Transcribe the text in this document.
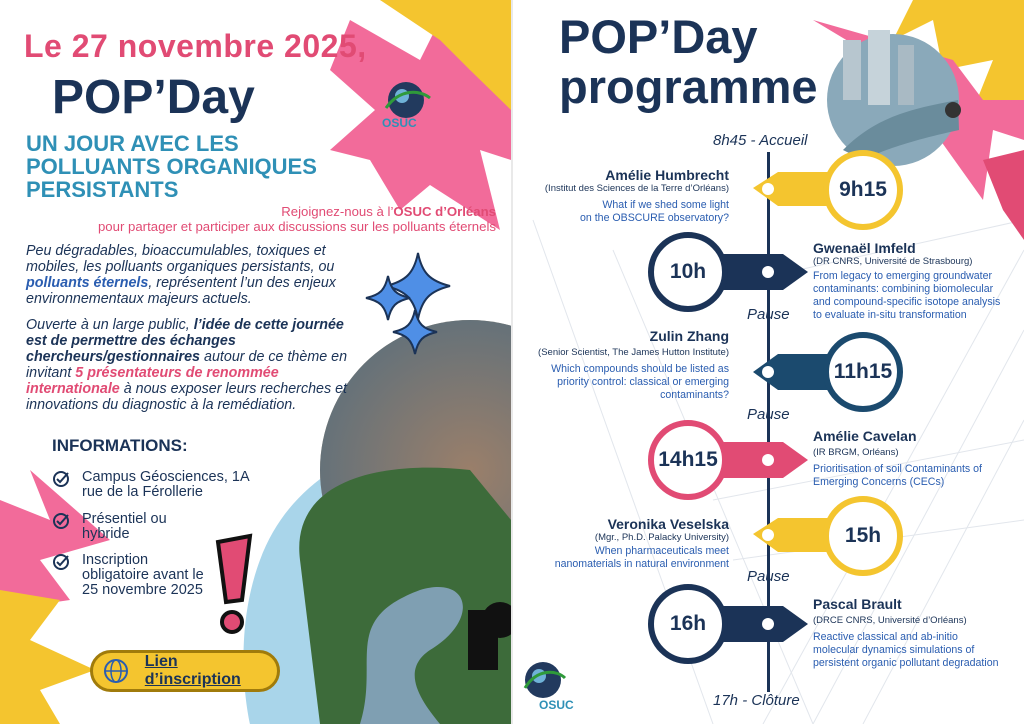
Le 27 novembre 2025,
POP’Day	OSUC
UN JOUR AVEC LES
POLLUANTS ORGANIQUES
PERSISTANTS
Rejoignez-nous à l’OSUC d’Orléans
pour partager et participer aux discussions sur les polluants éternels
Peu dégradables, bioaccumulables, toxiques et mobiles, les polluants organiques persistants, ou polluants éternels, représentent l’un des enjeux environnementaux majeurs actuels.
Ouverte à un large public, l’idée de cette journée est de permettre des échanges chercheurs/gestionnaires autour de ce thème en invitant 5 présentateurs de renommée internationale à nous exposer leurs recherches et innovations du diagnostic à la remédiation.
INFORMATIONS:
Campus Géosciences, 1A rue de la Férollerie
Présentiel ou hybride
Inscription obligatoire avant le 25 novembre 2025
Lien d’inscription
OSUC
POP’Day
programme
8h45 - Accueil
17h - Clôture
Pause
Pause
Pause
9h15
Amélie Humbrecht
(Institut des Sciences de la Terre d’Orléans)
What if we shed some light
on the OBSCURE observatory?
10h
Gwenaël Imfeld
(DR CNRS, Université de Strasbourg)
From legacy to emerging groundwater
contaminants: combining biomolecular
and compound-specific isotope analysis
to evaluate in-situ transformation
11h15
Zulin Zhang
(Senior Scientist, The James Hutton Institute)
Which compounds should be listed as
priority control: classical or emerging
contaminants?
14h15
Amélie Cavelan
(IR BRGM, Orléans)
Prioritisation of soil Contaminants of
Emerging Concerns (CECs)
15h
Veronika Veselska
(Mgr., Ph.D. Palacky University)
When pharmaceuticals meet
nanomaterials in natural environment
16h
Pascal Brault
(DRCE CNRS, Université d’Orléans)
Reactive classical and ab-initio
molecular dynamics simulations of
persistent organic pollutant degradation
